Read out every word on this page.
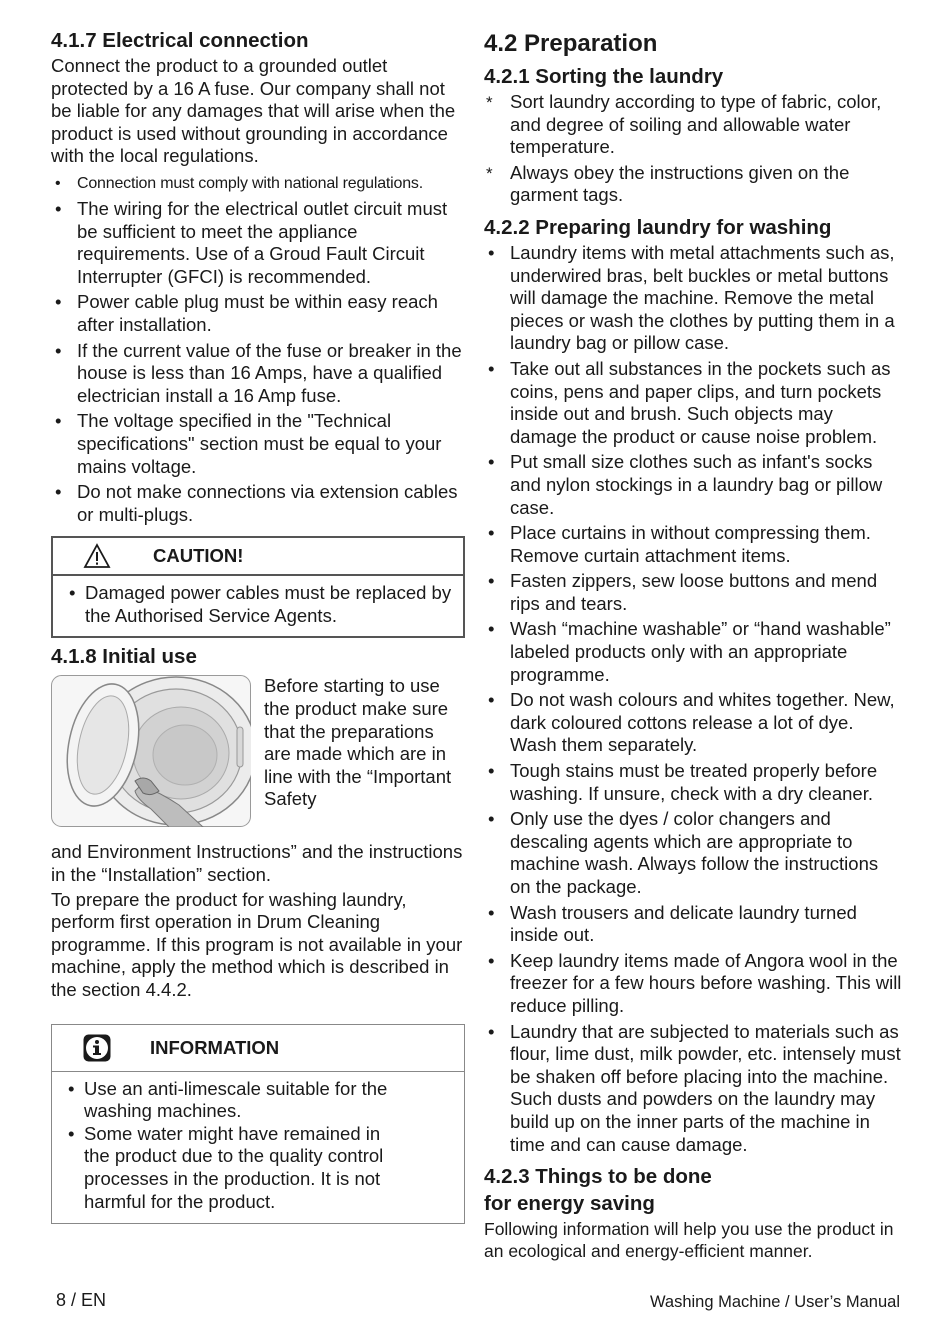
4.1.7 Electrical connection

Connect the product to a grounded outlet protected by a 16 A fuse. Our company shall not be liable for any damages that will arise when the product is used without grounding in accordance with the local regulations.

• Connection must comply with national regulations.
• The wiring for the electrical outlet circuit must be sufficient to meet the appliance requirements. Use of a Groud Fault Circuit Interrupter (GFCI) is recommended.
• Power cable plug must be within easy reach after installation.
• If the current value of the fuse or breaker in the house is less than 16 Amps, have a qualified electrician install a 16 Amp fuse.
• The voltage specified in the "Technical specifications" section must be equal to your mains voltage.
• Do not make connections via extension cables or multi-plugs.
CAUTION!
• Damaged power cables must be replaced by the Authorised Service Agents.
4.1.8 Initial use

Before starting to use the product make sure that the preparations are made which are in line with the “Important Safety

and Environment Instructions” and the instructions in the “Installation” section.

To prepare the product for washing laundry, perform first operation in Drum Cleaning programme. If this program is not available in your machine, apply the method which is described in the section 4.4.2.

INFORMATION
• Use an anti-limescale suitable for the washing machines.
• Some water might have remained in the product due to the quality control processes in the production. It is not harmful for the product.
4.2 Preparation
4.2.1 Sorting the laundry
* Sort laundry according to type of fabric, color, and degree of soiling and allowable water temperature.
* Always obey the instructions given on the garment tags.
4.2.2 Preparing laundry for washing
• Laundry items with metal attachments such as, underwired bras, belt buckles or metal buttons will damage the machine. Remove the metal pieces or wash the clothes by putting them in a laundry bag or pillow case.
• Take out all substances in the pockets such as coins, pens and paper clips, and turn pockets inside out and brush. Such objects may damage the product or cause noise problem.
• Put small size clothes such as infant's socks and nylon stockings in a laundry bag or pillow case.
• Place curtains in without compressing them. Remove curtain attachment items.
• Fasten zippers, sew loose buttons and mend rips and tears.
• Wash “machine washable” or “hand washable” labeled products only with an appropriate programme.
• Do not wash colours and whites together. New, dark coloured cottons release a lot of dye. Wash them separately.
• Tough stains must be treated properly before washing. If unsure, check with a dry cleaner.
• Only use the dyes / color changers and descaling agents which are appropriate to machine wash. Always follow the instructions on the package.
• Wash trousers and delicate laundry turned inside out.
• Keep laundry items made of Angora wool in the freezer for a few hours before washing. This will reduce pilling.
• Laundry that are subjected to materials such as flour, lime dust, milk powder, etc. intensely must be shaken off before placing into the machine. Such dusts and powders on the laundry may build up on the inner parts of the machine in time and can cause damage.
4.2.3 Things to be done
for energy saving

Following information will help you use the product in an ecological and energy-efficient manner.

8 / EN	Washing Machine / User’s Manual
